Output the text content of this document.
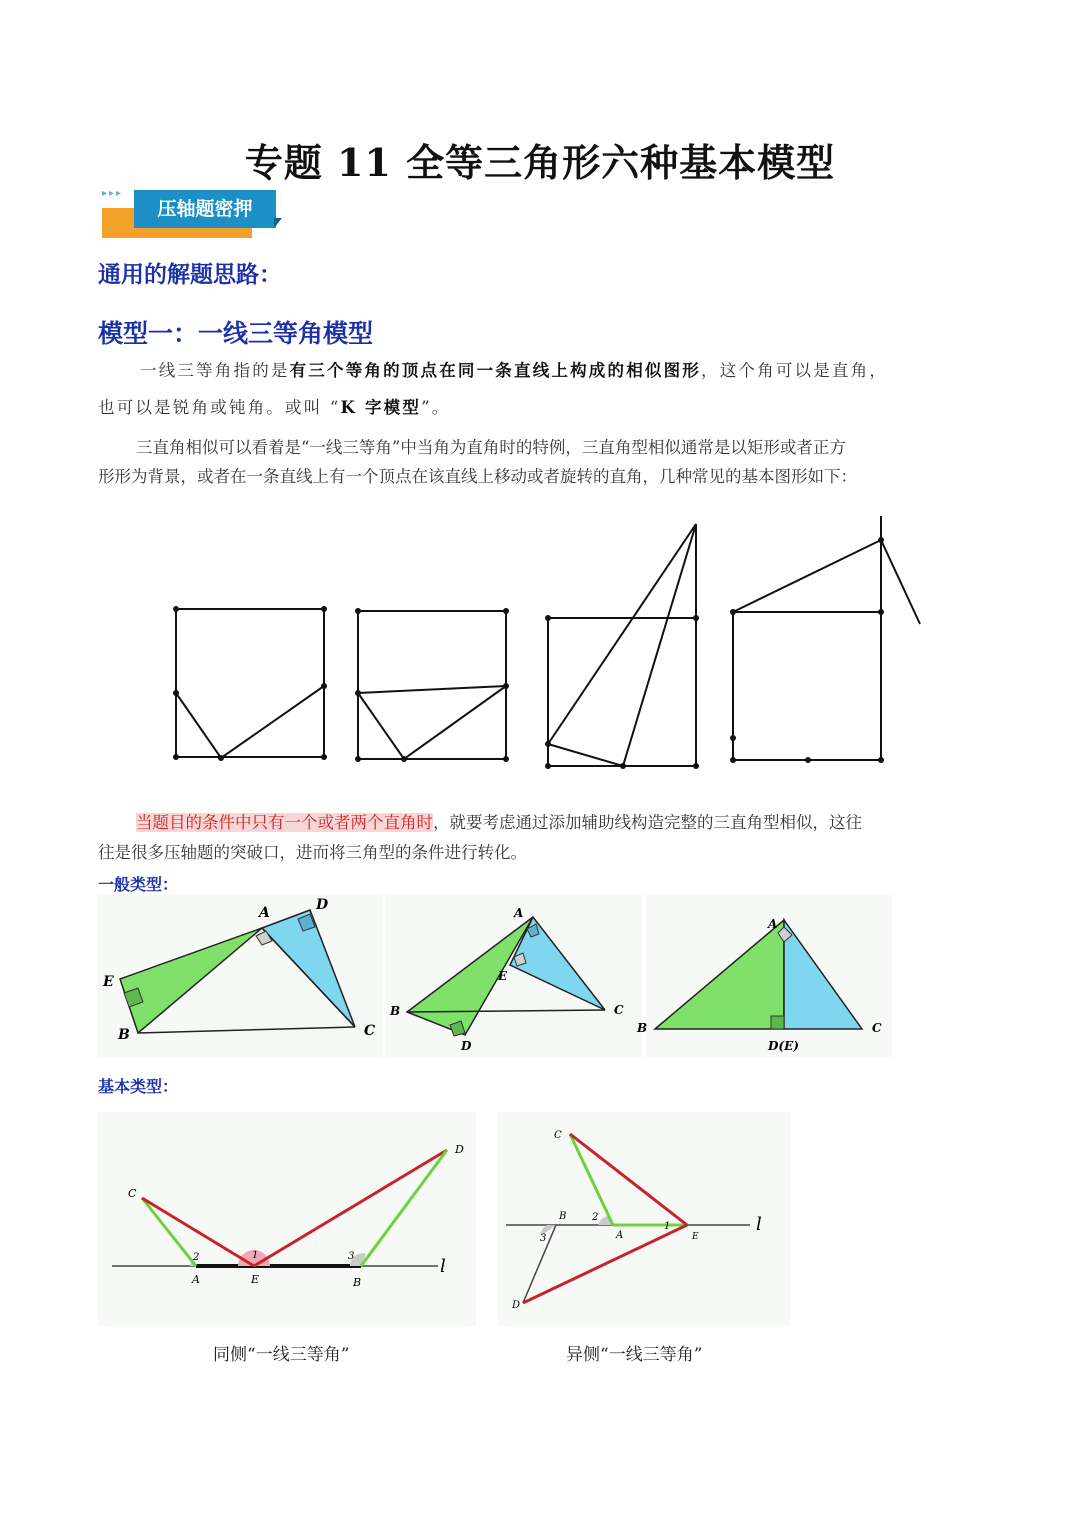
专题 11 全等三角形六种基本模型
▸▸▸
压轴题密押
通用的解题思路：
模型一：一线三等角模型
一线三等角指的是有三个等角的顶点在同一条直线上构成的相似图形，这个角可以是直角，
也可以是锐角或钝角。或叫 “K 字模型”。
三直角相似可以看着是“一线三等角”中当角为直角时的特例，三直角型相似通常是以矩形或者正方
形形为背景，或者在一条直线上有一个顶点在该直线上移动或者旋转的直角，几种常见的基本图形如下：
当题目的条件中只有一个或者两个直角时，就要考虑通过添加辅助线构造完整的三直角型相似，这往
往是很多压轴题的突破口，进而将三角型的条件进行转化。
一般类型：
A	D
E
B	C
A
E
B	C
D
A
B	C
D(E)
基本类型：
C
D
A	E	B
l
2	1	3
C
B
A	E
D
l
2
1
3
同侧“一线三等角”	异侧“一线三等角”
